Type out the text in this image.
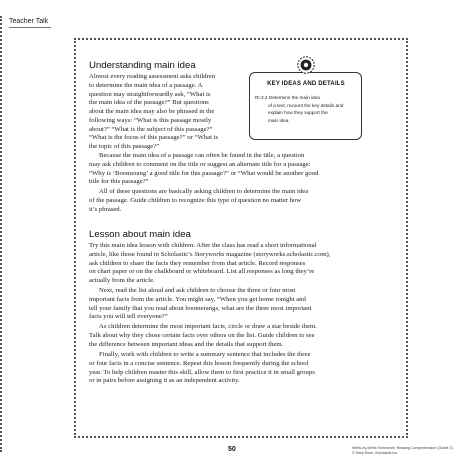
Teacher Talk
Understanding main idea
Almost every reading assessment asks children
to determine the main idea of a passage. A
question may straightforwardly ask, “What is
the main idea of the passage?” But questions
about the main idea may also be phrased in the
following ways: “What is this passage mostly
about?” “What is the subject of this passage?”
“What is the focus of this passage?” or “What is
the topic of this passage?”
Because the main idea of a passage can often be found in the title, a question
may ask children to comment on the title or suggest an alternate title for a passage:
“Why is ‘Boomerang’ a good title for this passage?” or “What would be another good
title for this passage?”
All of these questions are basically asking children to determine the main idea
of the passage. Guide children to recognize this type of question no matter how
it’s phrased.
KEY IDEAS AND DETAILS
RI.3.2 Determine the main idea
of a text; recount the key details and
explain how they support the
main idea.
Lesson about main idea
Try this main idea lesson with children: After the class has read a short informational
article, like those found in Scholastic’s Storyworks magazine (storyworks.scholastic.com),
ask children to share the facts they remember from that article. Record responses
on chart paper or on the chalkboard or whiteboard. List all responses as long they’re
actually from the article.
Next, read the list aloud and ask children to choose the three or four most
important facts from the article. You might say, “When you get home tonight and
tell your family that you read about boomerangs, what are the three most important
facts you will tell everyone?”
As children determine the most important facts, circle or draw a star beside them.
Talk about why they chose certain facts over others on the list. Guide children to see
the difference between important ideas and the details that support them.
Finally, work with children to write a summary sentence that includes the three
or four facts in a concise sentence. Repeat this lesson frequently during the school
year. To help children master this skill, allow them to first practice it in small groups
or in pairs before assigning it as an independent activity.
50	Week-by-Week Homework: Reading Comprehension (Grade 3)
© Mary Rose, Scholastic Inc.
